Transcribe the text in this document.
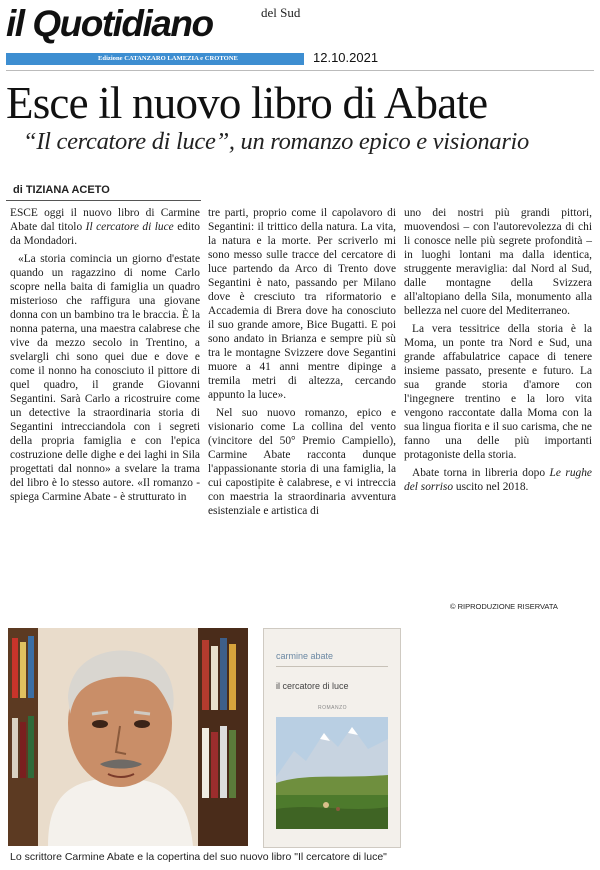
il Quotidiano	del Sud
Edizione CATANZARO LAMEZIA e CROTONE	12.10.2021
Esce il nuovo libro di Abate
“Il cercatore di luce”, un romanzo epico e visionario
di TIZIANA ACETO

ESCE oggi il nuovo libro di Carmine Abate dal titolo Il cercatore di luce edito da Mondadori.

«La storia comincia un giorno d'estate quando un ragazzino di nome Carlo scopre nella baita di famiglia un quadro misterioso che raffigura una giovane donna con un bambino tra le braccia. È la nonna paterna, una maestra calabrese che vive da mezzo secolo in Trentino, a svelargli chi sono quei due e dove e come il nonno ha conosciuto il pittore di quel quadro, il grande Giovanni Segantini. Sarà Carlo a ricostruire come un detective la straordinaria storia di Segantini intrecciandola con i segreti della propria famiglia e con l'epica costruzione delle dighe e dei laghi in Sila progettati dal nonno» a svelare la trama del libro è lo stesso autore. «Il romanzo - spiega Carmine Abate - è strutturato in

tre parti, proprio come il capolavoro di Segantini: il trittico della natura. La vita, la natura e la morte. Per scriverlo mi sono messo sulle tracce del cercatore di luce partendo da Arco di Trento dove Segantini è nato, passando per Milano dove è cresciuto tra riformatorio e Accademia di Brera dove ha conosciuto il suo grande amore, Bice Bugatti. E poi sono andato in Brianza e sempre più sù tra le montagne Svizzere dove Segantini muore a 41 anni mentre dipinge a tremila metri di altezza, cercando appunto la luce».

Nel suo nuovo romanzo, epico e visionario come La collina del vento (vincitore del 50° Premio Campiello), Carmine Abate racconta dunque l'appassionante storia di una famiglia, la cui capostipite è calabrese, e vi intreccia con maestria la straordinaria avventura esistenziale e artistica di

uno dei nostri più grandi pittori, muovendosi – con l'autorevolezza di chi li conosce nelle più segrete profondità – in luoghi lontani ma dalla identica, struggente meraviglia: dal Nord al Sud, dalle montagne della Svizzera all'altopiano della Sila, monumento alla bellezza nel cuore del Mediterraneo.

La vera tessitrice della storia è la Moma, un ponte tra Nord e Sud, una grande affabulatrice capace di tenere insieme passato, presente e futuro. La sua grande storia d'amore con l'ingegnere trentino e la loro vita vengono raccontate dalla Moma con la sua lingua fiorita e il suo carisma, che ne fanno una delle più importanti protagoniste della storia.

Abate torna in libreria dopo Le rughe del sorriso uscito nel 2018.

© RIPRODUZIONE RISERVATA
carmine abate
il cercatore di luce
ROMANZO
Lo scrittore Carmine Abate e la copertina del suo nuovo libro "Il cercatore di luce"
